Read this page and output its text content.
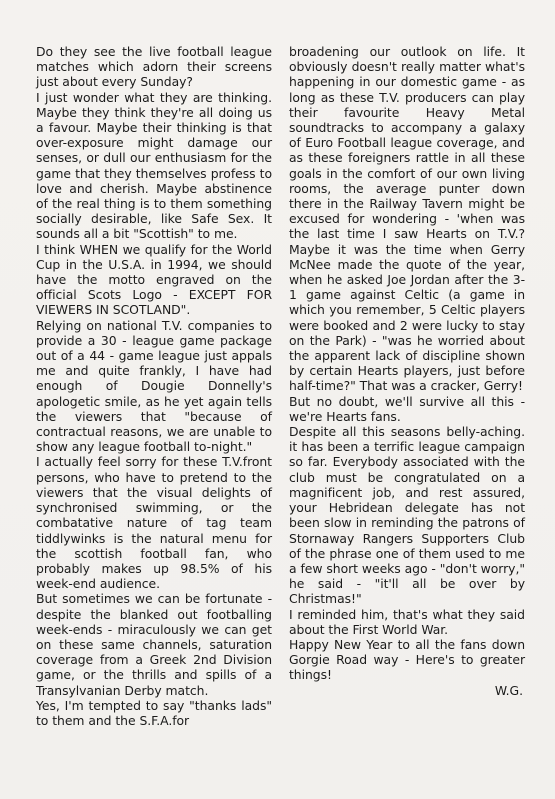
Do they see the live football league matches which adorn their screens just about every Sunday?

I just wonder what they are thinking. Maybe they think they're all doing us a favour. Maybe their thinking is that over-exposure might damage our senses, or dull our enthusiasm for the game that they themselves profess to love and cherish. Maybe abstinence of the real thing is to them something socially desirable, like Safe Sex. It sounds all a bit "Scottish" to me.

I think WHEN we qualify for the World Cup in the U.S.A. in 1994, we should have the motto engraved on the official Scots Logo - EXCEPT FOR VIEWERS IN SCOTLAND".

Relying on national T.V. companies to provide a 30 - league game package out of a 44 - game league just appals me and quite frankly, I have had enough of Dougie Donnelly's apologetic smile, as he yet again tells the viewers that "because of contractual reasons, we are unable to show any league football to-night."

I actually feel sorry for these T.V.front persons, who have to pretend to the viewers that the visual delights of synchronised swimming, or the combatative nature of tag team tiddlywinks is the natural menu for the scottish football fan, who probably makes up 98.5% of his week-end audience.

But sometimes we can be fortunate - despite the blanked out footballing week-ends - miraculously we can get on these same channels, saturation coverage from a Greek 2nd Division game, or the thrills and spills of a Transylvanian Derby match.

Yes, I'm tempted to say "thanks lads" to them and the S.F.A.for

broadening our outlook on life. It obviously doesn't really matter what's happening in our domestic game - as long as these T.V. producers can play their favourite Heavy Metal soundtracks to accompany a galaxy of Euro Football league coverage, and as these foreigners rattle in all these goals in the comfort of our own living rooms, the average punter down there in the Railway Tavern might be excused for wondering - 'when was the last time I saw Hearts on T.V.? Maybe it was the time when Gerry McNee made the quote of the year, when he asked Joe Jordan after the 3-1 game against Celtic (a game in which you remember, 5 Celtic players were booked and 2 were lucky to stay on the Park) - "was he worried about the apparent lack of discipline shown by certain Hearts players, just before half-time?" That was a cracker, Gerry!

But no doubt, we'll survive all this - we're Hearts fans.

Despite all this seasons belly-aching. it has been a terrific league campaign so far. Everybody associated with the club must be congratulated on a magnificent job, and rest assured, your Hebridean delegate has not been slow in reminding the patrons of Stornaway Rangers Supporters Club of the phrase one of them used to me a few short weeks ago - "don't worry," he said - "it'll all be over by Christmas!"

I reminded him, that's what they said about the First World War.

Happy New Year to all the fans down Gorgie Road way - Here's to greater things!

W.G.
